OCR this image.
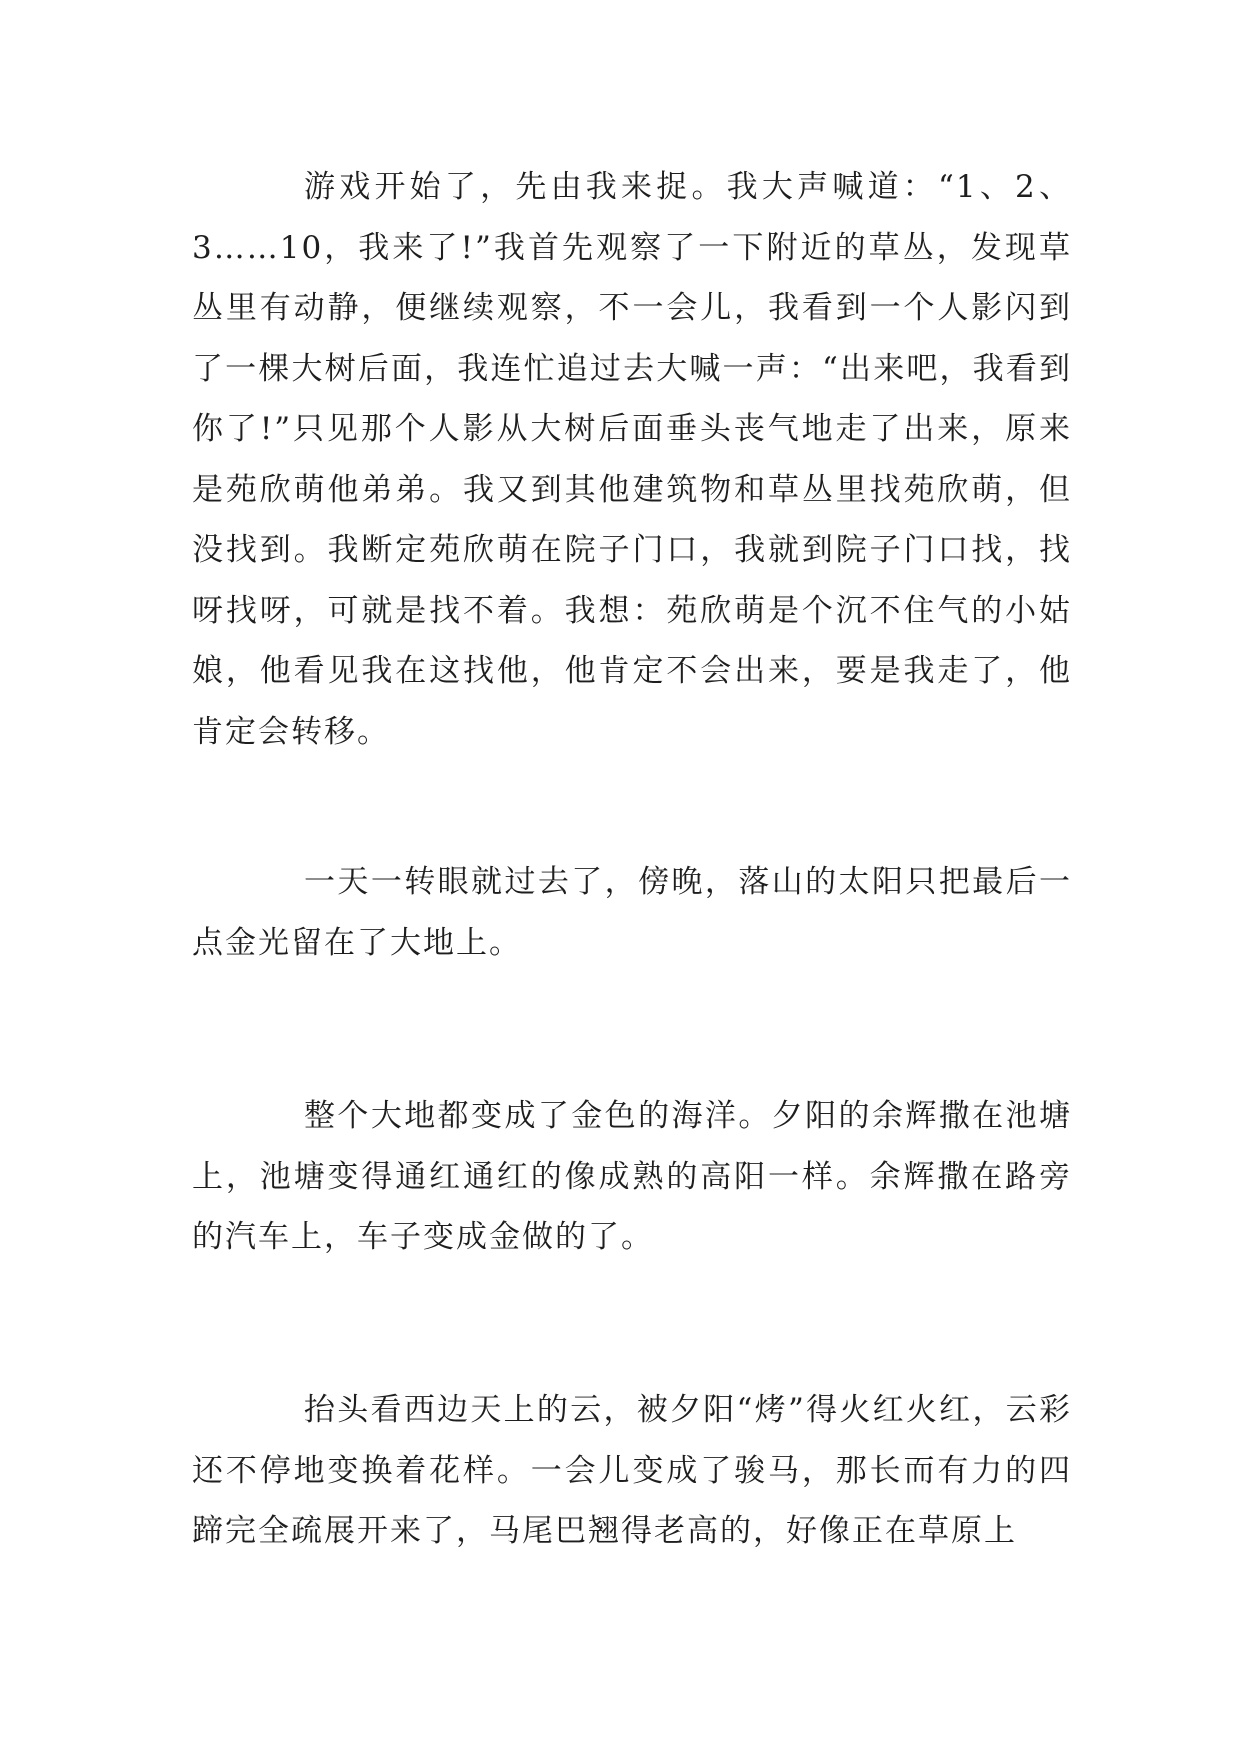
游戏开始了，先由我来捉。我大声喊道：“1、2、3……10，我来了!”我首先观察了一下附近的草丛，发现草丛里有动静，便继续观察，不一会儿，我看到一个人影闪到了一棵大树后面，我连忙追过去大喊一声：“出来吧，我看到你了!”只见那个人影从大树后面垂头丧气地走了出来，原来是苑欣萌他弟弟。我又到其他建筑物和草丛里找苑欣萌，但没找到。我断定苑欣萌在院子门口，我就到院子门口找，找呀找呀，可就是找不着。我想：苑欣萌是个沉不住气的小姑娘，他看见我在这找他，他肯定不会出来，要是我走了，他肯定会转移。

一天一转眼就过去了，傍晚，落山的太阳只把最后一点金光留在了大地上。

整个大地都变成了金色的海洋。夕阳的余辉撒在池塘上，池塘变得通红通红的像成熟的高阳一样。余辉撒在路旁的汽车上，车子变成金做的了。

抬头看西边天上的云，被夕阳“烤”得火红火红，云彩还不停地变换着花样。一会儿变成了骏马，那长而有力的四蹄完全疏展开来了，马尾巴翘得老高的，好像正在草原上
